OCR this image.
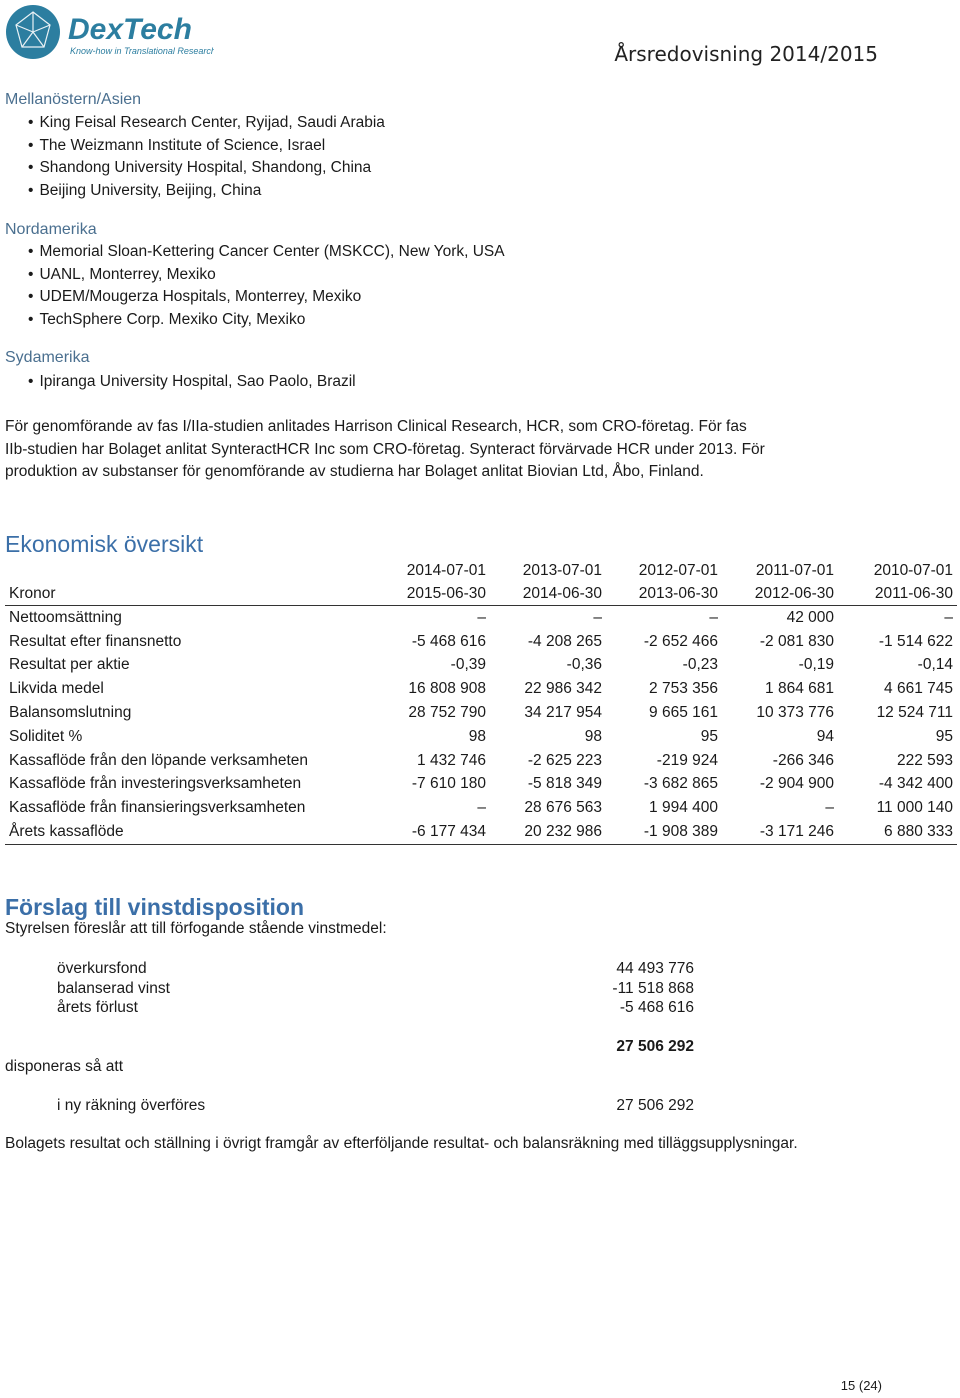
DexTech
Know-how in Translational Research	Årsredovisning 2014/2015
Mellanöstern/Asien
• King Feisal Research Center, Ryijad, Saudi Arabia
• The Weizmann Institute of Science, Israel
• Shandong University Hospital, Shandong, China
• Beijing University, Beijing, China
Nordamerika
• Memorial Sloan-Kettering Cancer Center (MSKCC), New York, USA
• UANL, Monterrey, Mexiko
• UDEM/Mougerza Hospitals, Monterrey, Mexiko
• TechSphere Corp. Mexiko City, Mexiko
Sydamerika
• Ipiranga University Hospital, Sao Paolo, Brazil
För genomförande av fas I/IIa-studien anlitades Harrison Clinical Research, HCR, som CRO-företag. För fas
IIb-studien har Bolaget anlitat SynteractHCR Inc som CRO-företag. Synteract förvärvade HCR under 2013. För
produktion av substanser för genomförande av studierna har Bolaget anlitat Biovian Ltd, Åbo, Finland.
Ekonomisk översikt
	2014-07-01	2013-07-01	2012-07-01	2011-07-01	2010-07-01
Kronor	2015-06-30	2014-06-30	2013-06-30	2012-06-30	2011-06-30
Nettoomsättning	–	–	–	42 000	–
Resultat efter finansnetto	-5 468 616	-4 208 265	-2 652 466	-2 081 830	-1 514 622
Resultat per aktie	-0,39	-0,36	-0,23	-0,19	-0,14
Likvida medel	16 808 908	22 986 342	2 753 356	1 864 681	4 661 745
Balansomslutning	28 752 790	34 217 954	9 665 161	10 373 776	12 524 711
Soliditet %	98	98	95	94	95
Kassaflöde från den löpande verksamheten	1 432 746	-2 625 223	-219 924	-266 346	222 593
Kassaflöde från investeringsverksamheten	-7 610 180	-5 818 349	-3 682 865	-2 904 900	-4 342 400
Kassaflöde från finansieringsverksamheten	–	28 676 563	1 994 400	–	11 000 140
Årets kassaflöde	-6 177 434	20 232 986	-1 908 389	-3 171 246	6 880 333
Förslag till vinstdisposition
Styrelsen föreslår att till förfogande stående vinstmedel:
överkursfond	44 493 776
balanserad vinst	-11 518 868
årets förlust	-5 468 616
27 506 292
disponeras så att
i ny räkning överföres	27 506 292
Bolagets resultat och ställning i övrigt framgår av efterföljande resultat- och balansräkning med tilläggsupplysningar.
15 (24)
